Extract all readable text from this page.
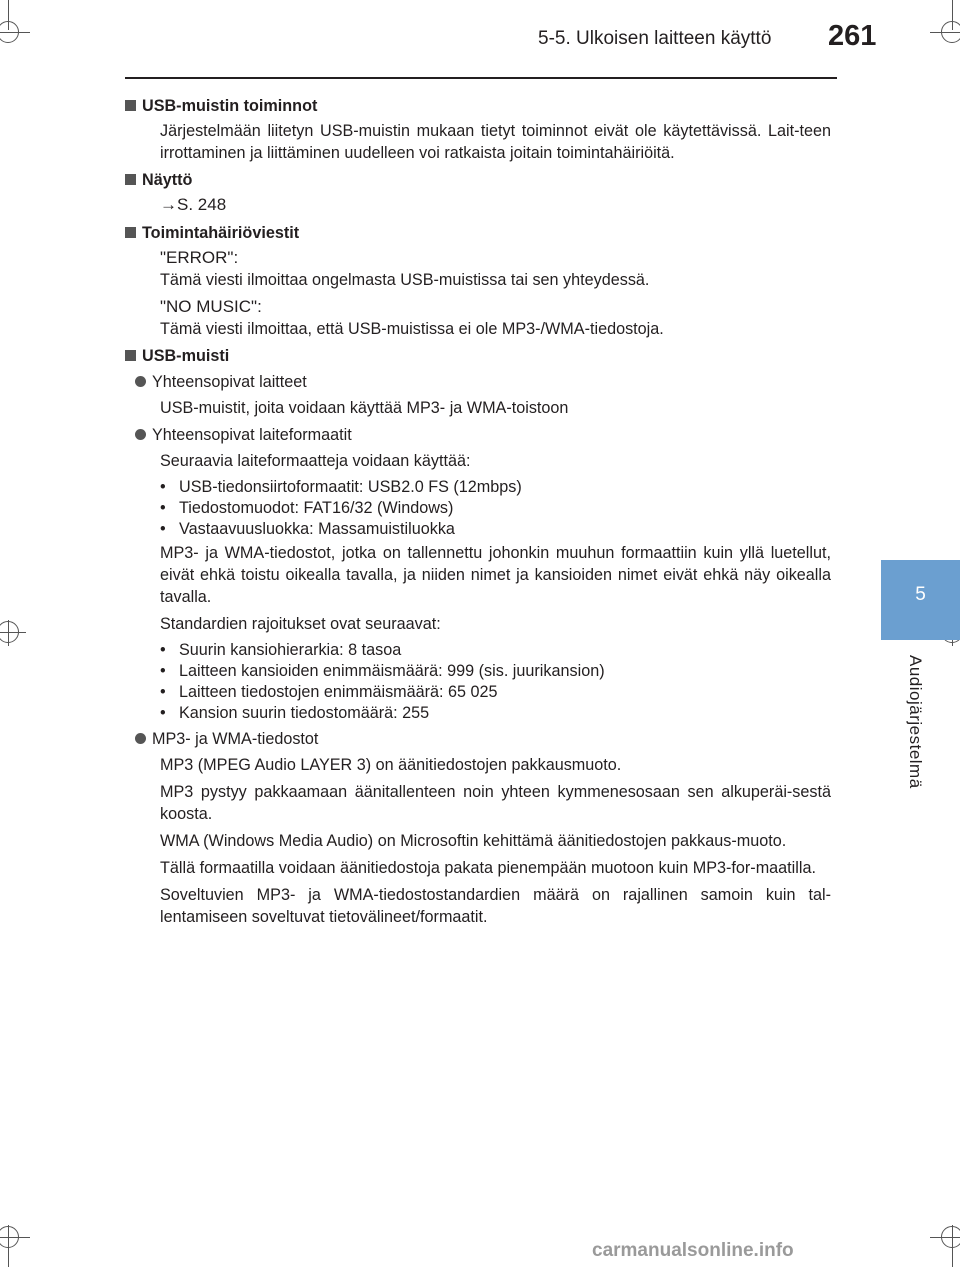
5-5. Ulkoisen laitteen käyttö 261
5
Audiojärjestelmä
USB-muistin toiminnot

Järjestelmään liitetyn USB-muistin mukaan tietyt toiminnot eivät ole käytettävissä. Lait-teen irrottaminen ja liittäminen uudelleen voi ratkaista joitain toimintahäiriöitä.

Näyttö
→S. 248
Toimintahäiriöviestit

"ERROR":
Tämä viesti ilmoittaa ongelmasta USB-muistissa tai sen yhteydessä.

"NO MUSIC":
Tämä viesti ilmoittaa, että USB-muistissa ei ole MP3-/WMA-tiedostoja.

USB-muisti
Yhteensopivat laitteet

USB-muistit, joita voidaan käyttää MP3- ja WMA-toistoon

Yhteensopivat laiteformaatit

Seuraavia laiteformaatteja voidaan käyttää:

• USB-tiedonsiirtoformaatit: USB2.0 FS (12mbps)
• Tiedostomuodot: FAT16/32 (Windows)
• Vastaavuusluokka: Massamuistiluokka

MP3- ja WMA-tiedostot, jotka on tallennettu johonkin muuhun formaattiin kuin yllä luetellut, eivät ehkä toistu oikealla tavalla, ja niiden nimet ja kansioiden nimet eivät ehkä näy oikealla tavalla.

Standardien rajoitukset ovat seuraavat:

• Suurin kansiohierarkia: 8 tasoa
• Laitteen kansioiden enimmäismäärä: 999 (sis. juurikansion)
• Laitteen tiedostojen enimmäismäärä: 65 025
• Kansion suurin tiedostomäärä: 255
MP3- ja WMA-tiedostot

MP3 (MPEG Audio LAYER 3) on äänitiedostojen pakkausmuoto.

MP3 pystyy pakkaamaan äänitallenteen noin yhteen kymmenesosaan sen alkuperäi-sestä koosta.

WMA (Windows Media Audio) on Microsoftin kehittämä äänitiedostojen pakkaus-muoto.

Tällä formaatilla voidaan äänitiedostoja pakata pienempään muotoon kuin MP3-for-maatilla.

Soveltuvien MP3- ja WMA-tiedostostandardien määrä on rajallinen samoin kuin tal-lentamiseen soveltuvat tietovälineet/formaatit.

carmanualsonline.info
